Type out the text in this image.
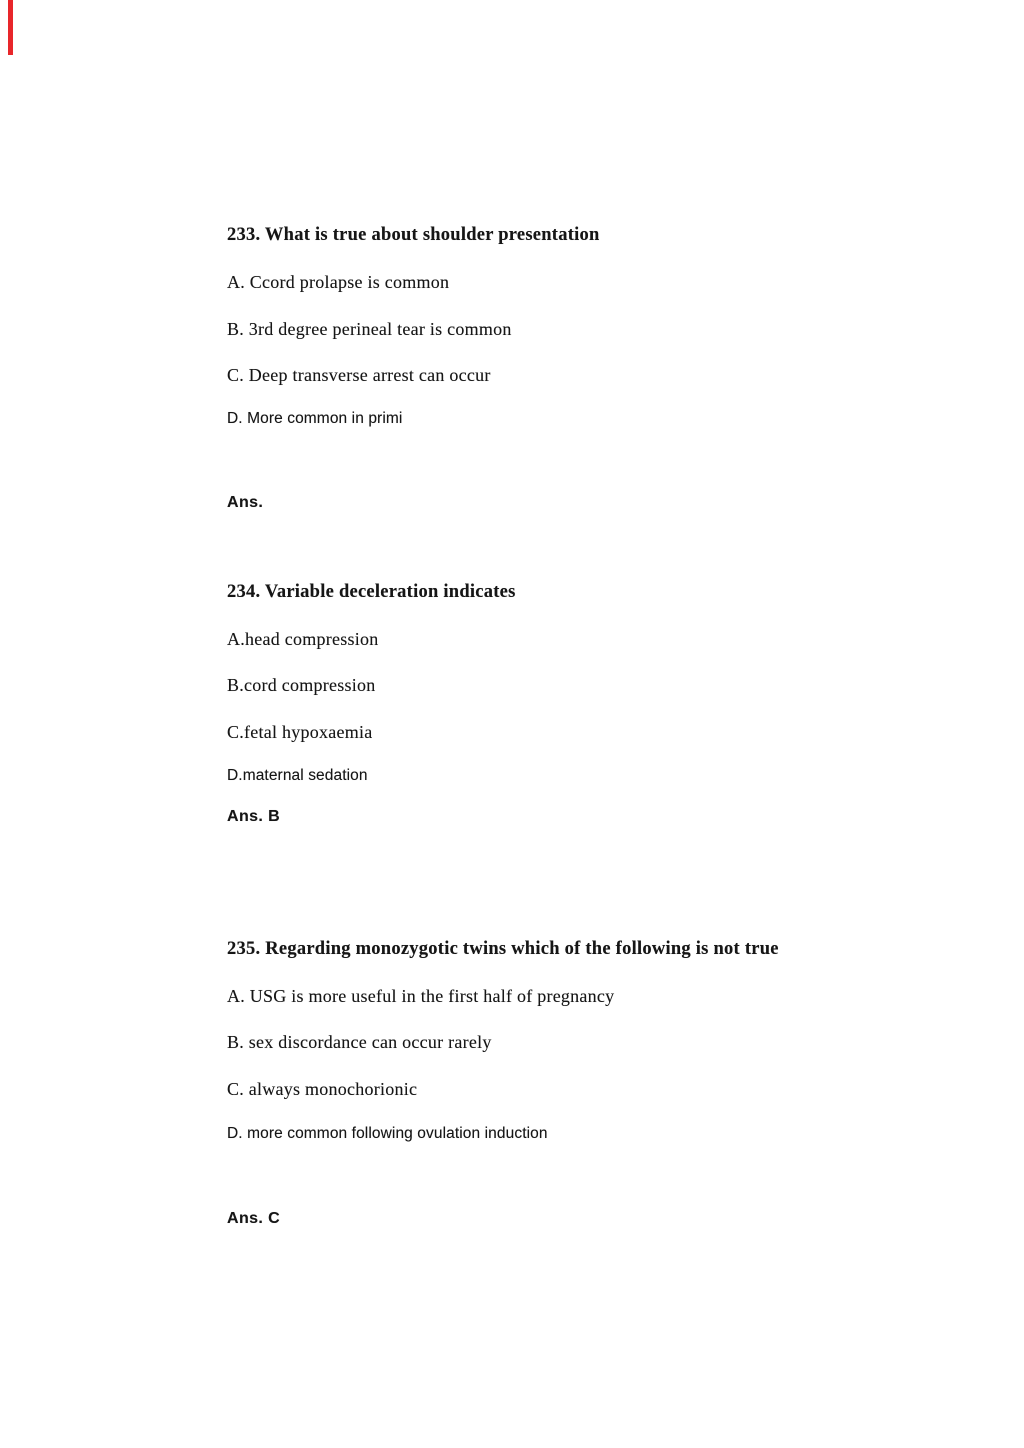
233. What is true about shoulder presentation
A. Ccord prolapse is common
B. 3rd degree perineal tear is common
C. Deep transverse arrest can occur
D. More common in primi
Ans.
234. Variable deceleration indicates
A.head compression
B.cord compression
C.fetal hypoxaemia
D.maternal sedation
Ans. B
235. Regarding monozygotic twins which of the following is not true
A. USG is more useful in the first half of pregnancy
B. sex discordance can occur rarely
C. always monochorionic
D. more common following ovulation induction
Ans. C
